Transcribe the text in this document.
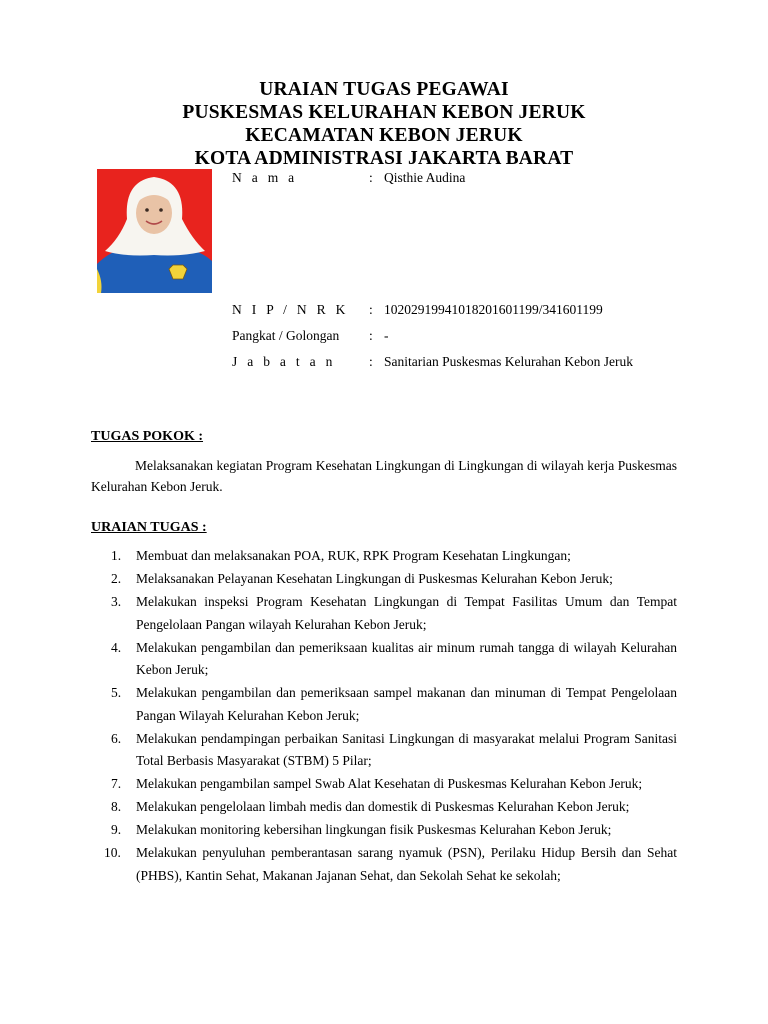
URAIAN TUGAS PEGAWAI
PUSKESMAS KELURAHAN KEBON JERUK
KECAMATAN KEBON JERUK
KOTA ADMINISTRASI JAKARTA BARAT
N a m a	: Qisthie Audina
N I P / N R K : 10202919941018201601199/341601199
Pangkat / Golongan : -
J a b a t a n : Sanitarian Puskesmas Kelurahan Kebon Jeruk
TUGAS POKOK :
Melaksanakan kegiatan Program Kesehatan Lingkungan di Lingkungan di wilayah kerja Puskesmas Kelurahan Kebon Jeruk.
URAIAN TUGAS :
1. Membuat dan melaksanakan POA, RUK, RPK Program Kesehatan Lingkungan;
2. Melaksanakan Pelayanan Kesehatan Lingkungan di Puskesmas Kelurahan Kebon Jeruk;
3. Melakukan inspeksi Program Kesehatan Lingkungan di Tempat Fasilitas Umum dan Tempat Pengelolaan Pangan wilayah Kelurahan Kebon Jeruk;
4. Melakukan pengambilan dan pemeriksaan kualitas air minum rumah tangga di wilayah Kelurahan Kebon Jeruk;
5. Melakukan pengambilan dan pemeriksaan sampel makanan dan minuman di Tempat Pengelolaan Pangan Wilayah Kelurahan Kebon Jeruk;
6. Melakukan pendampingan perbaikan Sanitasi Lingkungan di masyarakat melalui Program Sanitasi Total Berbasis Masyarakat (STBM) 5 Pilar;
7. Melakukan pengambilan sampel Swab Alat Kesehatan di Puskesmas Kelurahan Kebon Jeruk;
8. Melakukan pengelolaan limbah medis dan domestik di Puskesmas Kelurahan Kebon Jeruk;
9. Melakukan monitoring kebersihan lingkungan fisik Puskesmas Kelurahan Kebon Jeruk;
10. Melakukan penyuluhan pemberantasan sarang nyamuk (PSN), Perilaku Hidup Bersih dan Sehat (PHBS), Kantin Sehat, Makanan Jajanan Sehat, dan Sekolah Sehat ke sekolah;
